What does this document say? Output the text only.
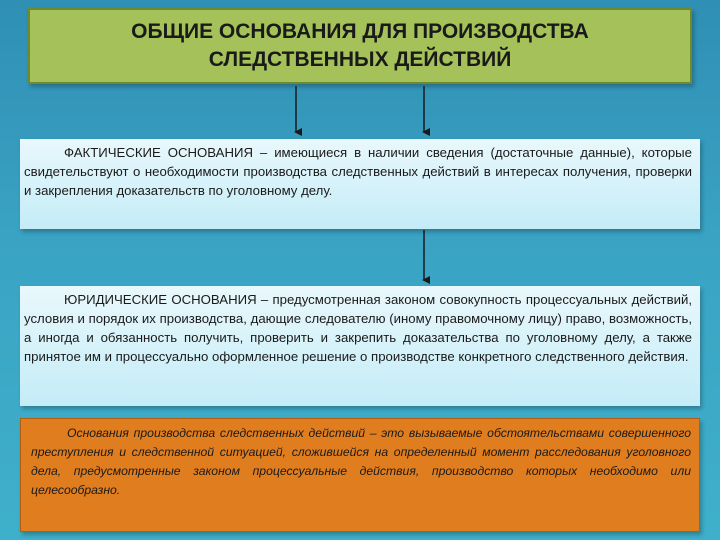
ОБЩИЕ ОСНОВАНИЯ ДЛЯ ПРОИЗВОДСТВА
СЛЕДСТВЕННЫХ ДЕЙСТВИЙ

ФАКТИЧЕСКИЕ ОСНОВАНИЯ – имеющиеся в наличии сведения (достаточные данные), которые свидетельствуют о необходимости производства следственных действий в интересах получения, проверки и закрепления доказательств по уголовному делу.

ЮРИДИЧЕСКИЕ ОСНОВАНИЯ – предусмотренная законом совокупность процессуальных действий, условия и порядок их производства, дающие следователю (иному правомочному лицу) право, возможность, а иногда и обязанность получить, проверить и закрепить доказательства по уголовному делу, а также принятое им и процессуально оформленное решение о производстве конкретного следственного действия.

Основания производства следственных действий – это вызываемые обстоятельствами совершенного преступления и следственной ситуацией, сложившейся на определенный момент расследования уголовного дела, предусмотренные законом процессуальные действия, производство которых необходимо или целесообразно.
